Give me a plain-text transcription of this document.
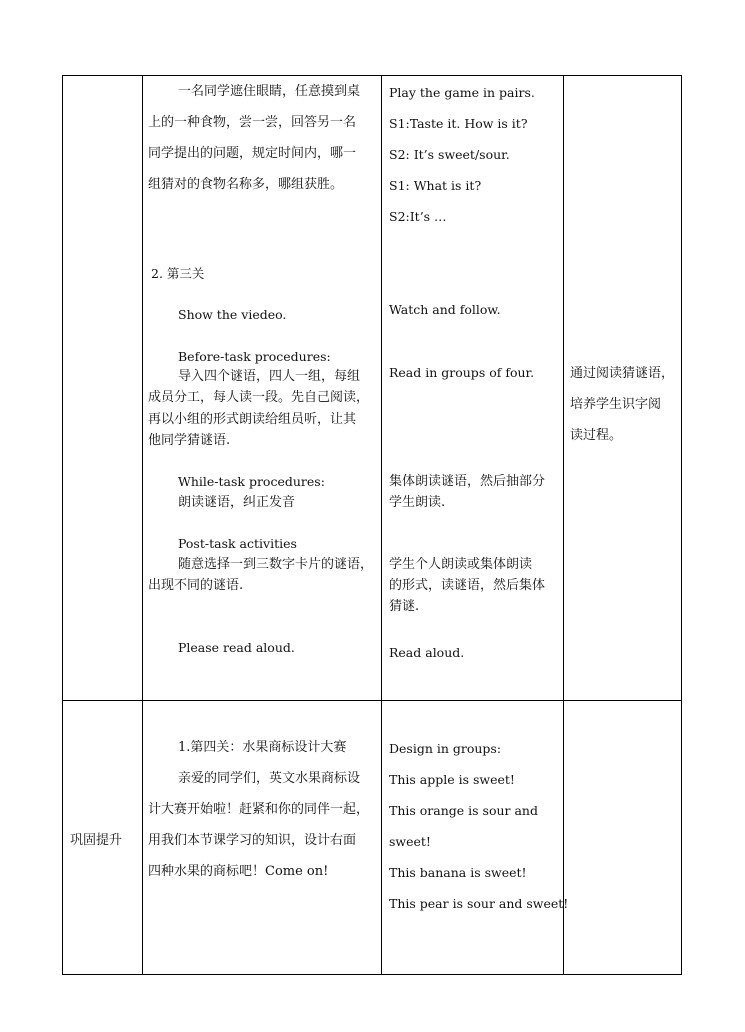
一名同学遮住眼睛，任意摸到桌
上的一种食物，尝一尝，回答另一名
同学提出的问题，规定时间内，哪一
组猜对的食物名称多，哪组获胜。
2. 第三关
Show the viedeo.
Before-task procedures:
导入四个谜语，四人一组，每组
成员分工，每人读一段。先自己阅读，
再以小组的形式朗读给组员听，让其
他同学猜谜语.
While-task procedures:
朗读谜语，纠正发音
Post-task activities
随意选择一到三数字卡片的谜语，
出现不同的谜语.
Please read aloud.
Play the game in pairs.
S1:Taste it. How is it?
S2: It’s sweet/sour.
S1: What is it?
S2:It’s …
Watch and follow.
Read in groups of four.
集体朗读谜语，然后抽部分
学生朗读.
学生个人朗读或集体朗读
的形式，读谜语，然后集体
猜谜.
Read aloud.
通过阅读猜谜语，
培养学生识字阅
读过程。
巩固提升
1.第四关：水果商标设计大赛
亲爱的同学们，英文水果商标设
计大赛开始啦！赶紧和你的同伴一起，
用我们本节课学习的知识，设计右面
四种水果的商标吧！Come on!
Design in groups:
This apple is sweet!
This orange is sour and
sweet!
This banana is sweet!
This pear is sour and sweet!
